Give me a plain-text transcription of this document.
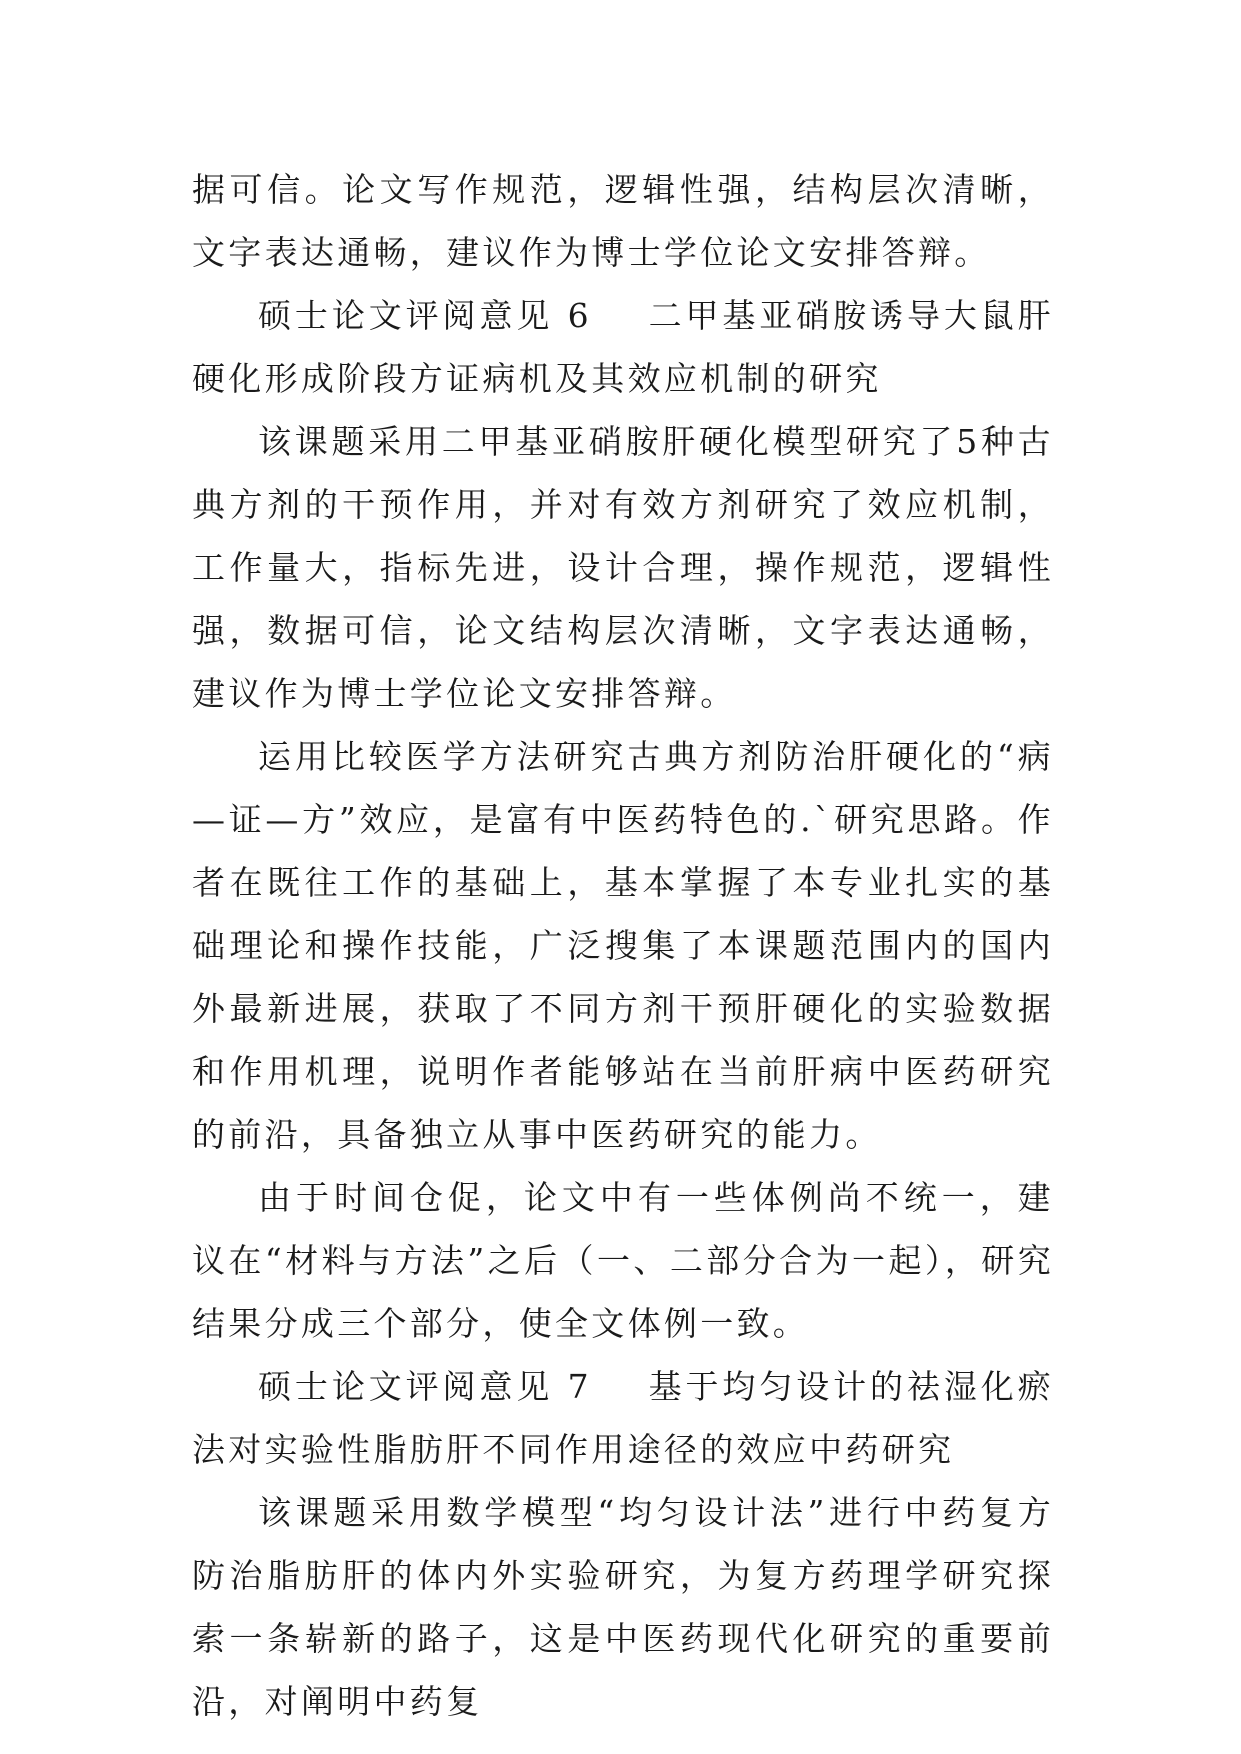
据可信。论文写作规范，逻辑性强，结构层次清晰，文字表达通畅，建议作为博士学位论文安排答辩。

硕士论文评阅意见 6 二甲基亚硝胺诱导大鼠肝硬化形成阶段方证病机及其效应机制的研究

该课题采用二甲基亚硝胺肝硬化模型研究了5种古典方剂的干预作用，并对有效方剂研究了效应机制，工作量大，指标先进，设计合理，操作规范，逻辑性强，数据可信，论文结构层次清晰，文字表达通畅，建议作为博士学位论文安排答辩。

运用比较医学方法研究古典方剂防治肝硬化的“病—证—方”效应，是富有中医药特色的.`研究思路。作者在既往工作的基础上，基本掌握了本专业扎实的基础理论和操作技能，广泛搜集了本课题范围内的国内外最新进展，获取了不同方剂干预肝硬化的实验数据和作用机理，说明作者能够站在当前肝病中医药研究的前沿，具备独立从事中医药研究的能力。

由于时间仓促，论文中有一些体例尚不统一，建议在“材料与方法”之后（一、二部分合为一起），研究结果分成三个部分，使全文体例一致。

硕士论文评阅意见 7 基于均匀设计的祛湿化瘀法对实验性脂肪肝不同作用途径的效应中药研究

该课题采用数学模型“均匀设计法”进行中药复方防治脂肪肝的体内外实验研究，为复方药理学研究探索一条崭新的路子，这是中医药现代化研究的重要前沿，对阐明中药复
